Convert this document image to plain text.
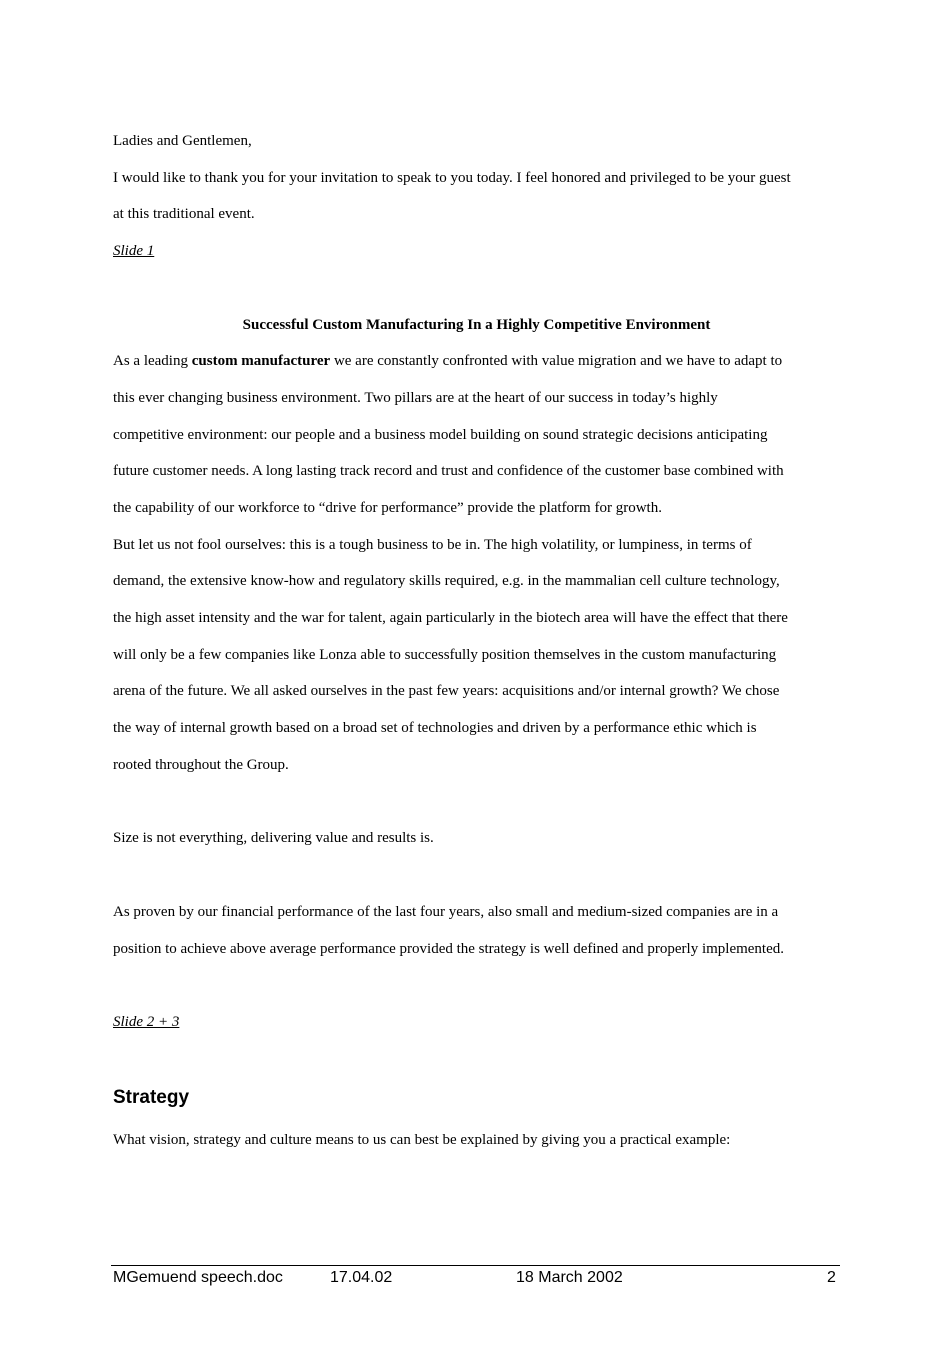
Ladies and Gentlemen,
I would like to thank you for your invitation to speak to you today. I feel honored and privileged to be your guest
at this traditional event.
Slide 1
Successful Custom Manufacturing In a Highly Competitive Environment
As a leading custom manufacturer we are constantly confronted with value migration and we have to adapt to
this ever changing business environment. Two pillars are at the heart of our success in today’s highly
competitive environment: our people and a business model building on sound strategic decisions anticipating
future customer needs. A long lasting track record and trust and confidence of the customer base combined with
the capability of our workforce to “drive for performance” provide the platform for growth.
But let us not fool ourselves: this is a tough business to be in. The high volatility, or lumpiness, in terms of
demand, the extensive know-how and regulatory skills required, e.g. in the mammalian cell culture technology,
the high asset intensity and the war for talent, again particularly in the biotech area will have the effect that there
will only be a few companies like Lonza able to successfully position themselves in the custom manufacturing
arena of the future. We all asked ourselves in the past few years: acquisitions and/or internal growth? We chose
the way of internal growth based on a broad set of technologies and driven by a performance ethic which is
rooted throughout the Group.
Size is not everything, delivering value and results is.
As proven by our financial performance of the last four years, also small and medium-sized companies are in a
position to achieve above average performance provided the strategy is well defined and properly implemented.
Slide 2 + 3
Strategy
What vision, strategy and culture means to us can best be explained by giving you a practical example:
MGemuend speech.doc	17.04.02	18 March 2002	2
